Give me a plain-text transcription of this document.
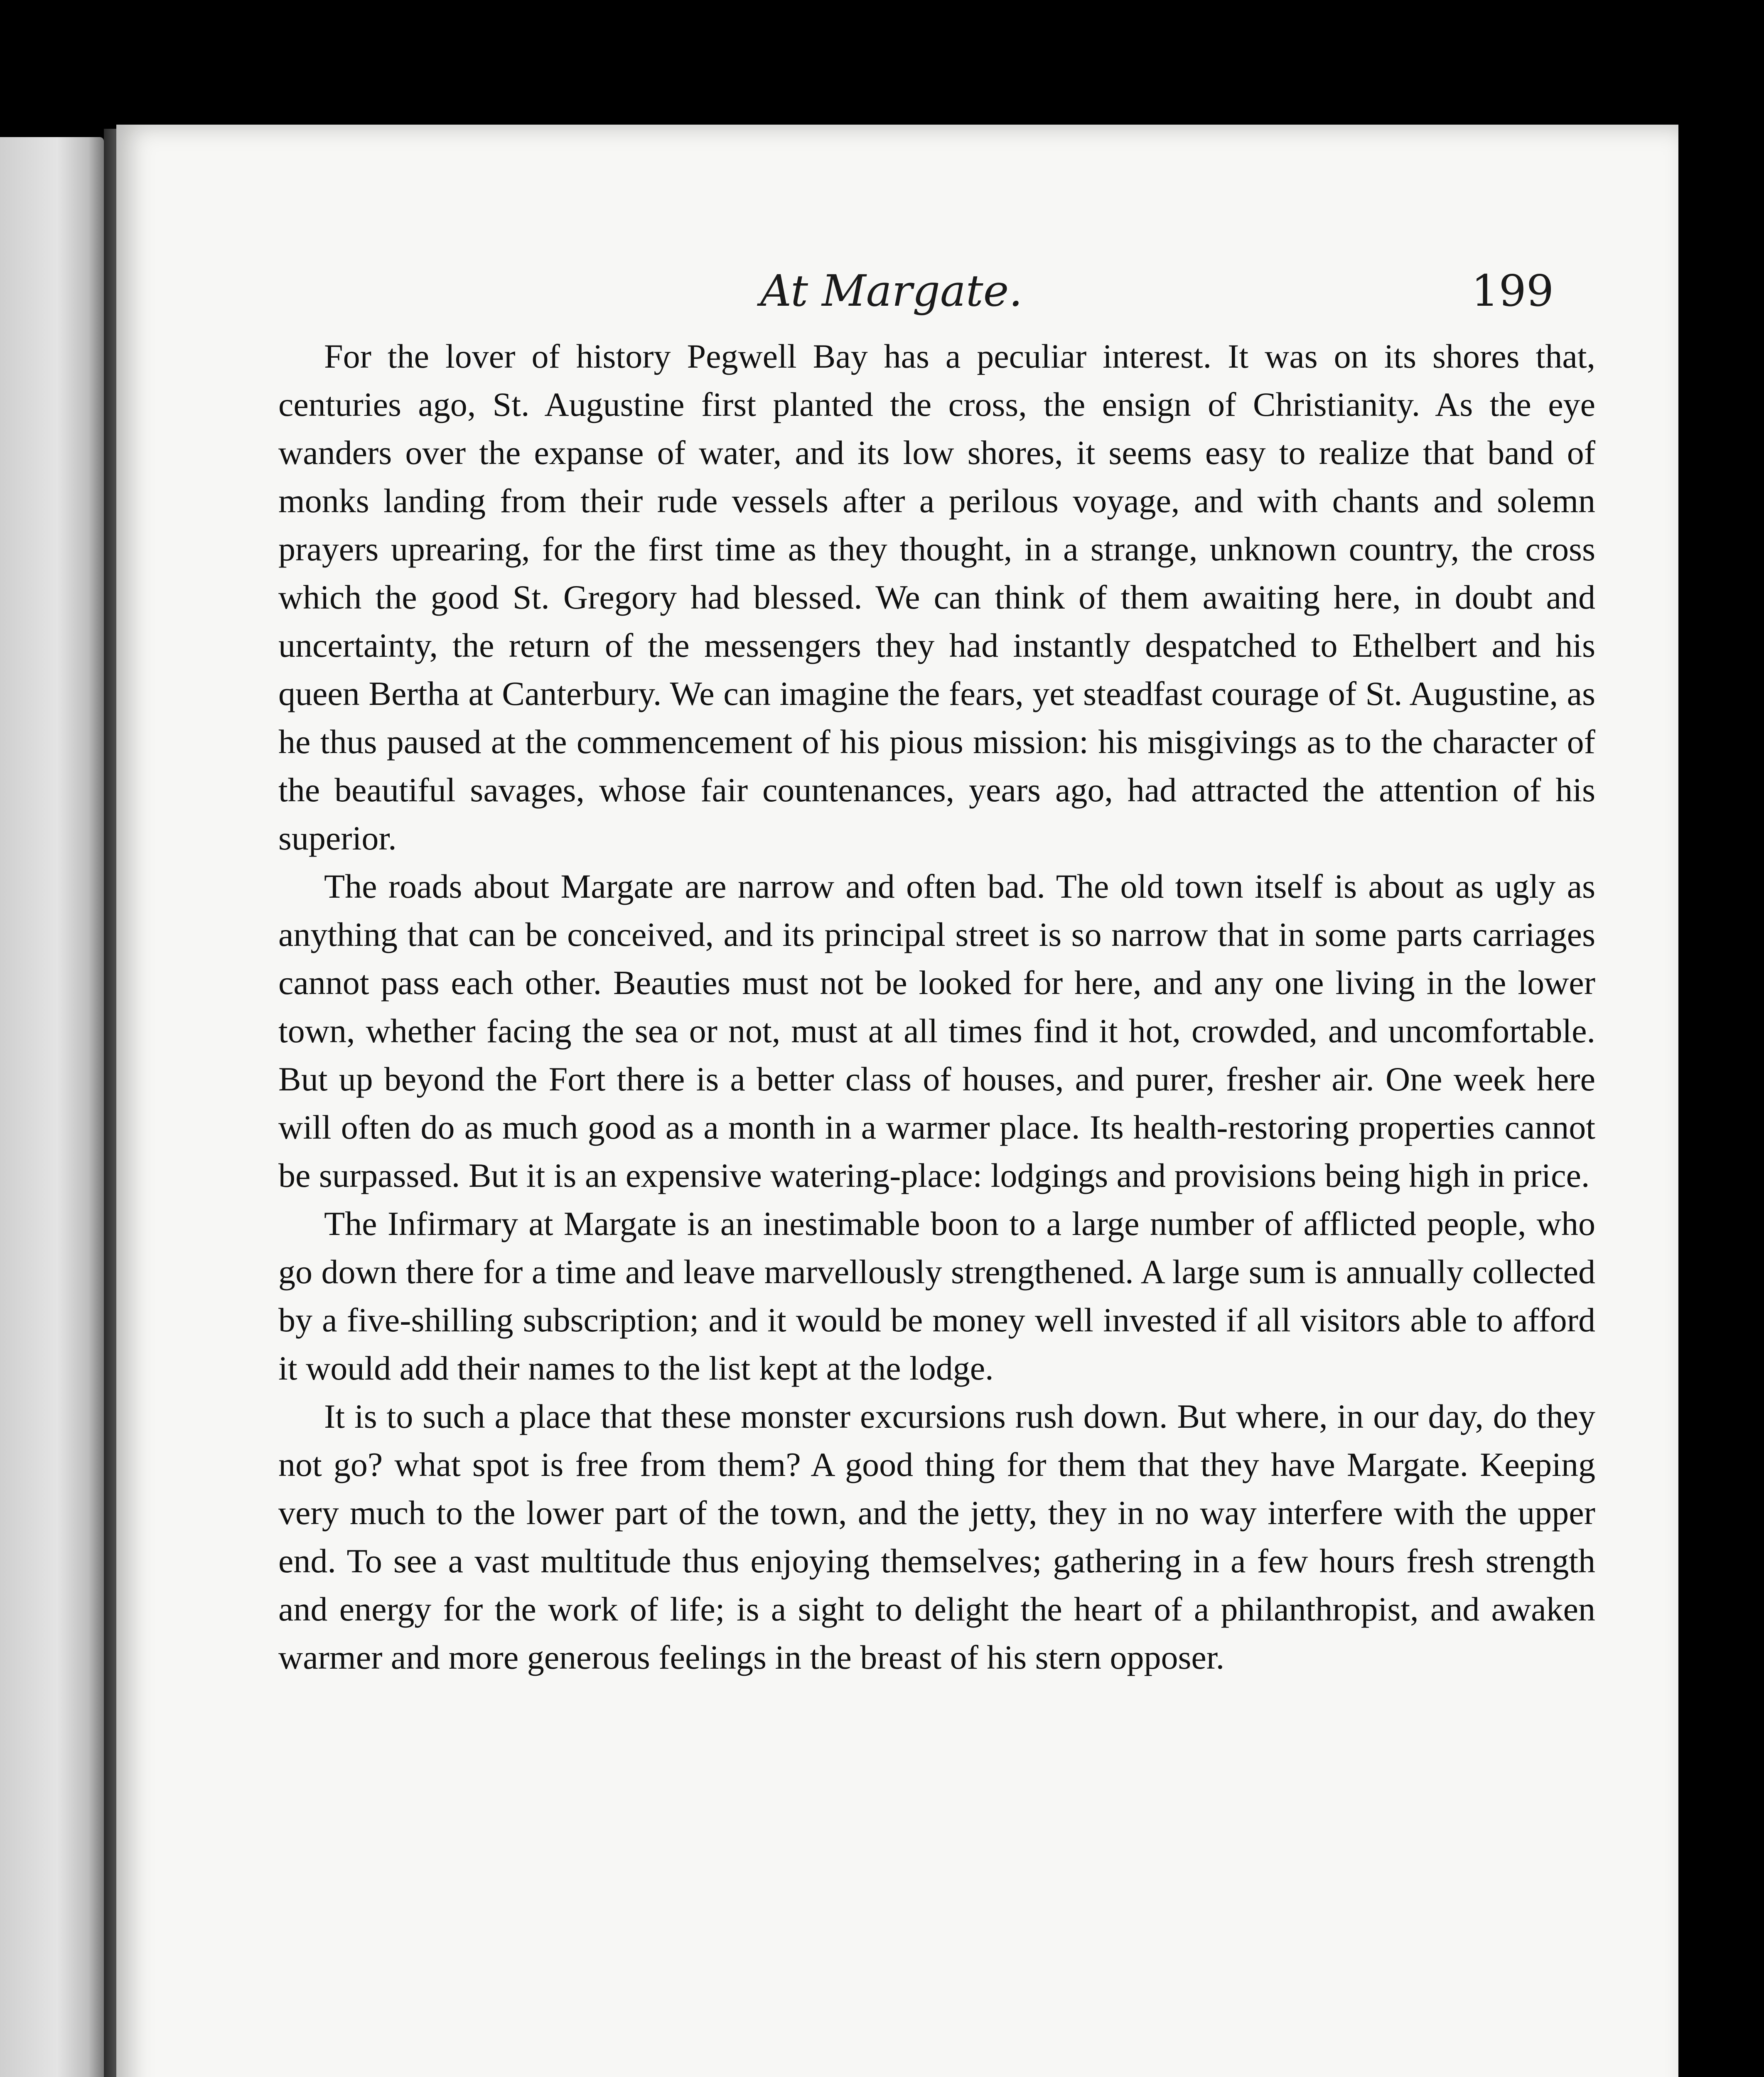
At Margate.	199

For the lover of history Pegwell Bay has a peculiar interest. It was on its shores that, centuries ago, St. Augustine first planted the cross, the ensign of Christianity. As the eye wanders over the expanse of water, and its low shores, it seems easy to realize that band of monks landing from their rude vessels after a perilous voyage, and with chants and solemn prayers uprearing, for the first time as they thought, in a strange, unknown country, the cross which the good St. Gregory had blessed. We can think of them awaiting here, in doubt and uncertainty, the return of the messengers they had instantly despatched to Ethelbert and his queen Bertha at Canterbury. We can imagine the fears, yet steadfast courage of St. Augustine, as he thus paused at the commencement of his pious mission: his misgivings as to the character of the beautiful savages, whose fair countenances, years ago, had attracted the attention of his superior.

The roads about Margate are narrow and often bad. The old town itself is about as ugly as anything that can be conceived, and its principal street is so narrow that in some parts carriages cannot pass each other. Beauties must not be looked for here, and any one living in the lower town, whether facing the sea or not, must at all times find it hot, crowded, and uncomfortable. But up beyond the Fort there is a better class of houses, and purer, fresher air. One week here will often do as much good as a month in a warmer place. Its health-restoring properties cannot be surpassed. But it is an expensive watering-place: lodgings and provisions being high in price.

The Infirmary at Margate is an inestimable boon to a large number of afflicted people, who go down there for a time and leave marvellously strengthened. A large sum is annually collected by a five-shilling subscription; and it would be money well invested if all visitors able to afford it would add their names to the list kept at the lodge.

It is to such a place that these monster excursions rush down. But where, in our day, do they not go? what spot is free from them? A good thing for them that they have Margate. Keeping very much to the lower part of the town, and the jetty, they in no way interfere with the upper end. To see a vast multitude thus enjoying themselves; gathering in a few hours fresh strength and energy for the work of life; is a sight to delight the heart of a philanthropist, and awaken warmer and more generous feelings in the breast of his stern opposer.
